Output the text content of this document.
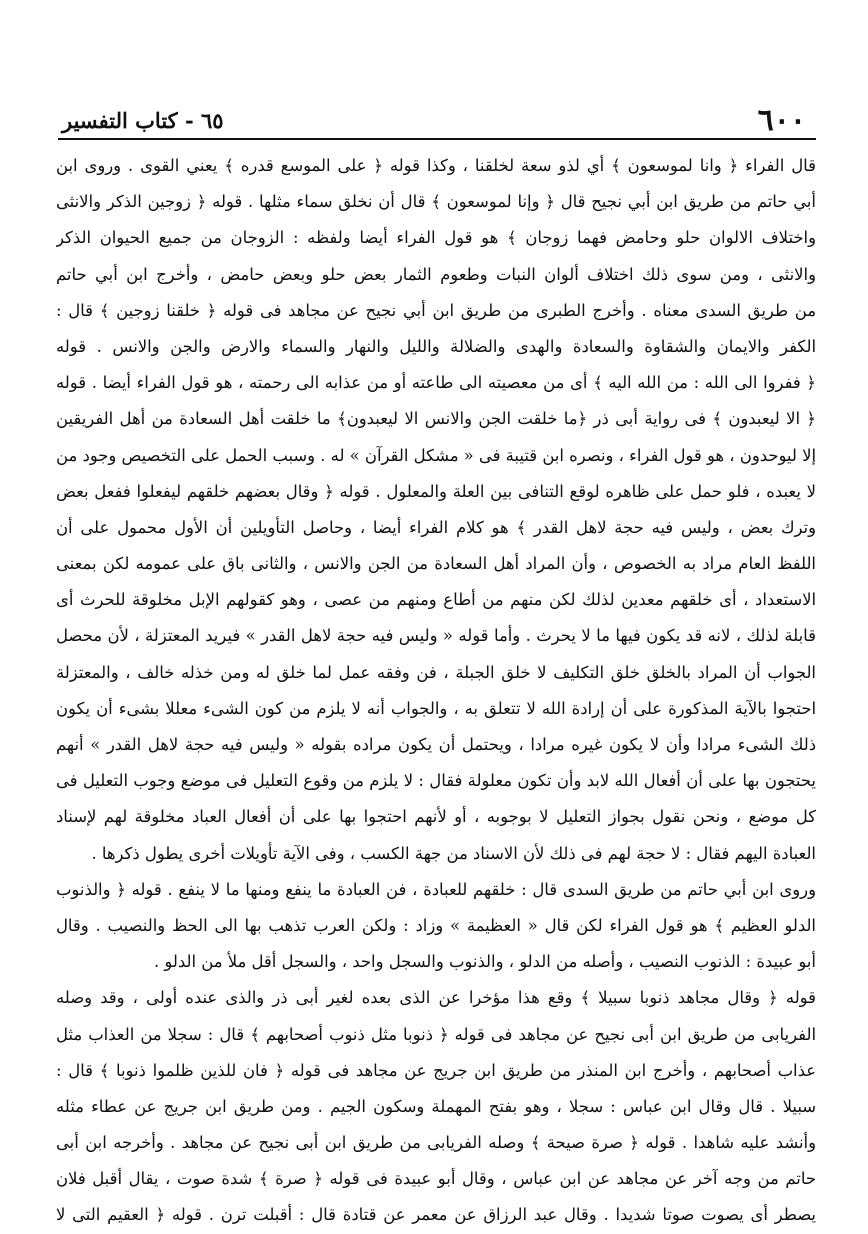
٦٠٠
٦٥ - كتاب التفسير
قال الفراء ﴿ وانا لموسعون ﴾ أي لذو سعة لخلقنا ، وكذا قوله ﴿ على الموسع قدره ﴾ يعني القوى . وروى ابن
أبي حاتم من طريق ابن أبي نجيح قال ﴿ وإنا لموسعون ﴾ قال أن نخلق سماء مثلها . قوله ﴿ زوجين الذكر والانثى
واختلاف الالوان حلو وحامض فهما زوجان ﴾ هو قول الفراء أيضا ولفظه : الزوجان من جميع الحيوان الذكر
والانثى ، ومن سوى ذلك اختلاف ألوان النبات وطعوم الثمار بعض حلو وبعض حامض ، وأخرج ابن أبي حاتم
من طريق السدى معناه . وأخرج الطبرى من طريق ابن أبي نجيح عن مجاهد فى قوله ﴿ خلقنا زوجين ﴾ قال :
الكفر والايمان والشقاوة والسعادة والهدى والضلالة والليل والنهار والسماء والارض والجن والانس . قوله
﴿ ففروا الى الله : من الله اليه ﴾ أى من معصيته الى طاعته أو من عذابه الى رحمته ، هو قول الفراء أيضا . قوله
﴿ الا ليعبدون ﴾ فى رواية أبى ذر ﴿ما خلقت الجن والانس الا ليعبدون﴾ ما خلقت أهل السعادة من أهل الفريقين
إلا ليوحدون ، هو قول الفراء ، ونصره ابن قتيبة فى « مشكل القرآن » له . وسبب الحمل على التخصيص وجود من
لا يعبده ، فلو حمل على ظاهره لوقع التنافى بين العلة والمعلول . قوله ﴿ وقال بعضهم خلقهم ليفعلوا ففعل بعض
وترك بعض ، وليس فيه حجة لاهل القدر ﴾ هو كلام الفراء أيضا ، وحاصل التأويلين أن الأول محمول على أن
اللفظ العام مراد به الخصوص ، وأن المراد أهل السعادة من الجن والانس ، والثانى باق على عمومه لكن بمعنى
الاستعداد ، أى خلقهم معدين لذلك لكن منهم من أطاع ومنهم من عصى ، وهو كقولهم الإبل مخلوقة للحرث أى
قابلة لذلك ، لانه قد يكون فيها ما لا يحرث . وأما قوله « وليس فيه حجة لاهل القدر » فيريد المعتزلة ، لأن محصل
الجواب أن المراد بالخلق خلق التكليف لا خلق الجبلة ، فن وفقه عمل لما خلق له ومن خذله خالف ، والمعتزلة
احتجوا بالآية المذكورة على أن إرادة الله لا تتعلق به ، والجواب أنه لا يلزم من كون الشىء معللا بشىء أن يكون
ذلك الشىء مرادا وأن لا يكون غيره مرادا ، ويحتمل أن يكون مراده بقوله « وليس فيه حجة لاهل القدر » أنهم
يحتجون بها على أن أفعال الله لابد وأن تكون معلولة فقال : لا يلزم من وقوع التعليل فى موضع وجوب التعليل فى
كل موضع ، ونحن نقول بجواز التعليل لا بوجوبه ، أو لأنهم احتجوا بها على أن أفعال العباد مخلوقة لهم لإسناد
العبادة اليهم فقال : لا حجة لهم فى ذلك لأن الاسناد من جهة الكسب ، وفى الآية تأويلات أخرى يطول ذكرها .
وروى ابن أبي حاتم من طريق السدى قال : خلقهم للعبادة ، فن العبادة ما ينفع ومنها ما لا ينفع . قوله ﴿ والذنوب
الدلو العظيم ﴾ هو قول الفراء لكن قال « العظيمة » وزاد : ولكن العرب تذهب بها الى الحظ والنصيب . وقال
أبو عبيدة : الذنوب النصيب ، وأصله من الدلو ، والذنوب والسجل واحد ، والسجل أقل ملأ من الدلو .
قوله ﴿ وقال مجاهد ذنوبا سبيلا ﴾ وقع هذا مؤخرا عن الذى بعده لغير أبى ذر والذى عنده أولى ، وقد وصله
الفريابى من طريق ابن أبى نجيح عن مجاهد فى قوله ﴿ ذنوبا مثل ذنوب أصحابهم ﴾ قال : سجلا من العذاب مثل
عذاب أصحابهم ، وأخرج ابن المنذر من طريق ابن جريج عن مجاهد فى قوله ﴿ فان للذين ظلموا ذنوبا ﴾ قال :
سبيلا . قال وقال ابن عباس : سجلا ، وهو بفتح المهملة وسكون الجيم . ومن طريق ابن جريج عن عطاء مثله
وأنشد عليه شاهدا . قوله ﴿ صرة صيحة ﴾ وصله الفريابى من طريق ابن أبى نجيح عن مجاهد . وأخرجه ابن أبى
حاتم من وجه آخر عن مجاهد عن ابن عباس ، وقال أبو عبيدة فى قوله ﴿ صرة ﴾ شدة صوت ، يقال أقبل فلان
يصطر أى يصوت صوتا شديدا . وقال عبد الرزاق عن معمر عن قتادة قال : أقبلت ترن . قوله ﴿ العقيم التى لا
